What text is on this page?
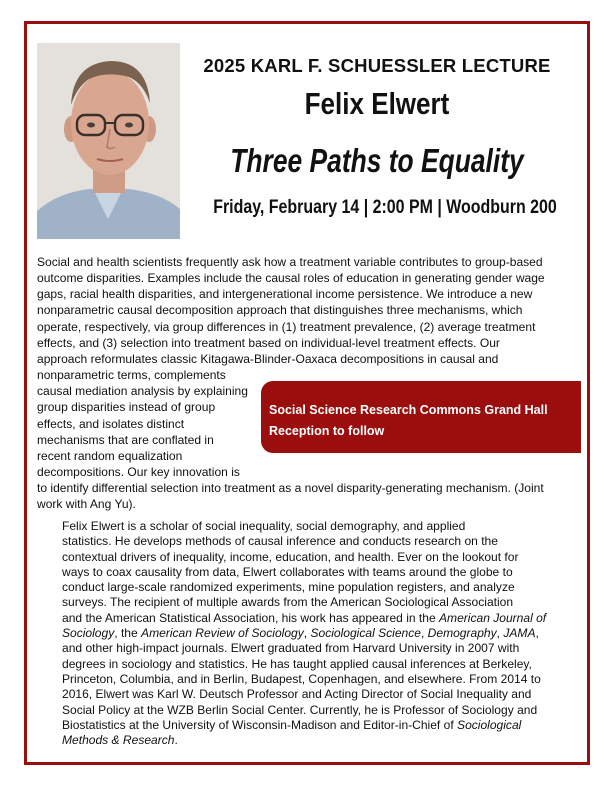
2025 KARL F. SCHUESSLER LECTURE
Felix Elwert
Three Paths to Equality
Friday, February 14 | 2:00 PM | Woodburn 200
Social and health scientists frequently ask how a treatment variable contributes to group-based
outcome disparities. Examples include the causal roles of education in generating gender wage
gaps, racial health disparities, and intergenerational income persistence. We introduce a new
nonparametric causal decomposition approach that distinguishes three mechanisms, which
operate, respectively, via group differences in (1) treatment prevalence, (2) average treatment
effects, and (3) selection into treatment based on individual-level treatment effects. Our
approach reformulates classic Kitagawa-Blinder-Oaxaca decompositions in causal and
nonparametric terms, complements
causal mediation analysis by explaining
group disparities instead of group
effects, and isolates distinct
mechanisms that are conflated in
recent random equalization
decompositions. Our key innovation is
to identify differential selection into treatment as a novel disparity-generating mechanism. (Joint
work with Ang Yu).
Social Science Research Commons Grand Hall
Reception to follow
Felix Elwert is a scholar of social inequality, social demography, and applied
statistics. He develops methods of causal inference and conducts research on the
contextual drivers of inequality, income, education, and health. Ever on the lookout for
ways to coax causality from data, Elwert collaborates with teams around the globe to
conduct large-scale randomized experiments, mine population registers, and analyze
surveys. The recipient of multiple awards from the American Sociological Association
and the American Statistical Association, his work has appeared in the American Journal of Sociology, the American Review of Sociology, Sociological Science, Demography, JAMA, and other high-impact journals. Elwert graduated from Harvard University in 2007 with degrees in sociology and statistics. He has taught applied causal inferences at Berkeley, Princeton, Columbia, and in Berlin, Budapest, Copenhagen, and elsewhere. From 2014 to 2016, Elwert was Karl W. Deutsch Professor and Acting Director of Social Inequality and Social Policy at the WZB Berlin Social Center. Currently, he is Professor of Sociology and Biostatistics at the University of Wisconsin-Madison and Editor-in-Chief of Sociological Methods & Research.
